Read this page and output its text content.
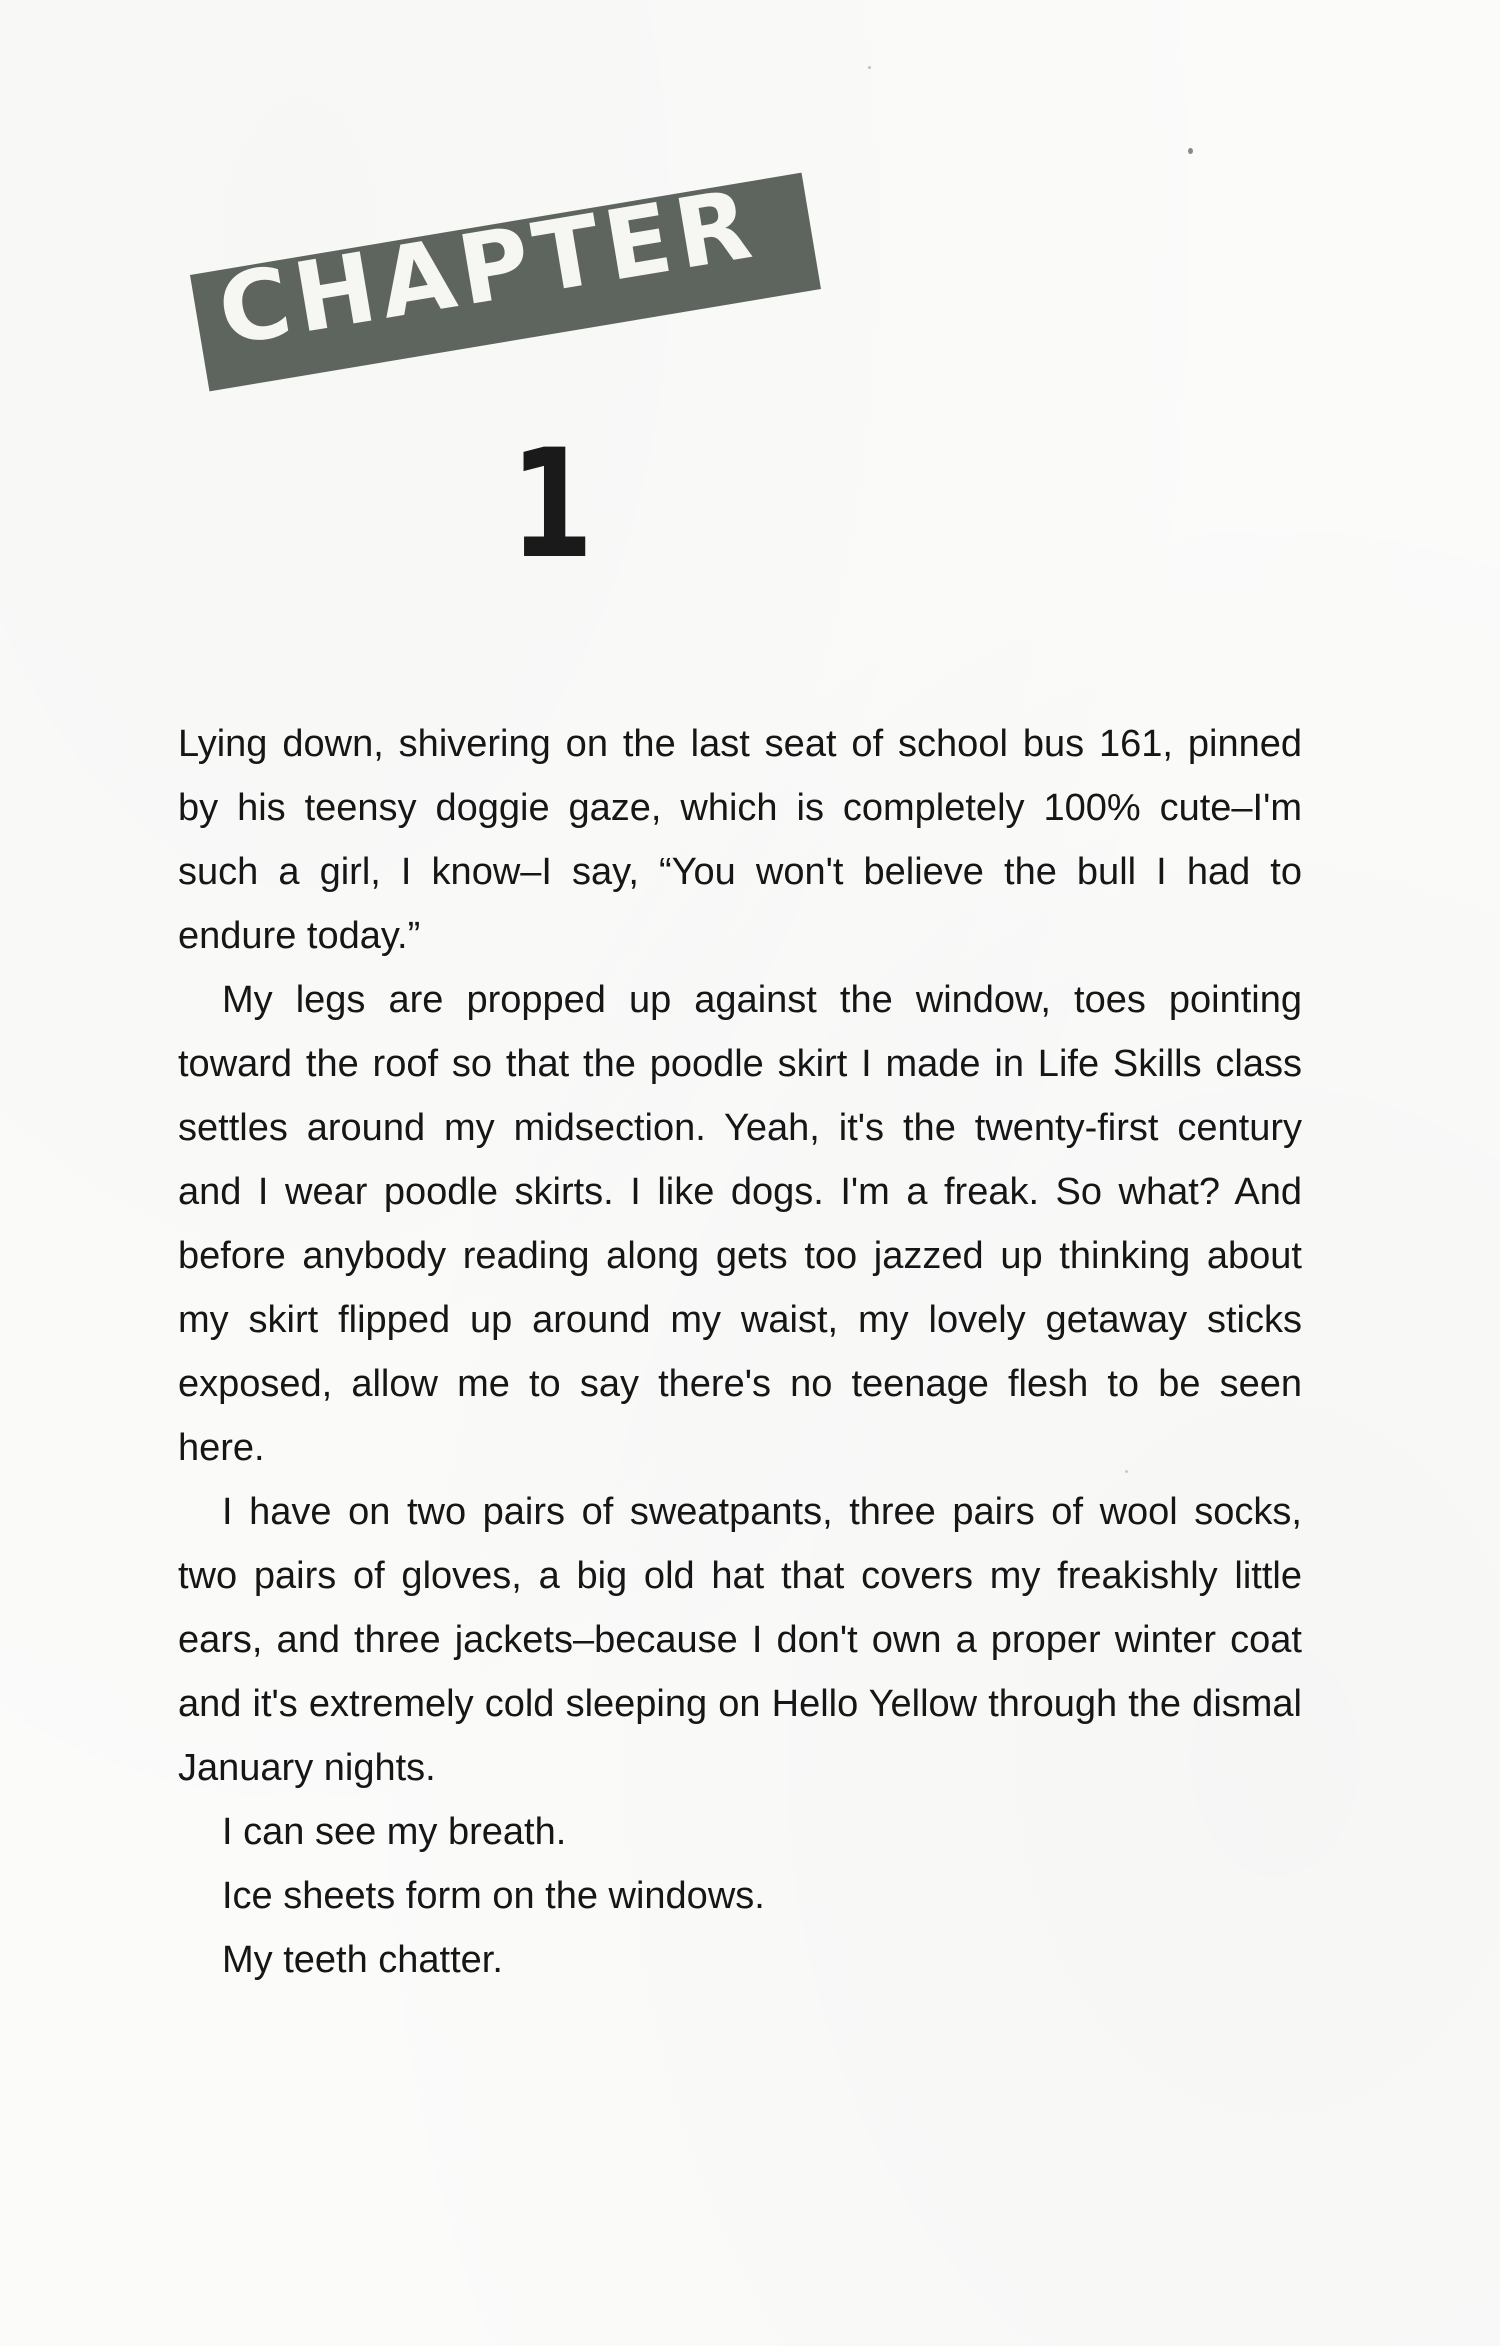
CHAPTER
1

Lying down, shivering on the last seat of school bus 161, pinned by his teensy doggie gaze, which is completely 100% cute–I'm such a girl, I know–I say, “You won't believe the bull I had to endure today.”

My legs are propped up against the window, toes pointing toward the roof so that the poodle skirt I made in Life Skills class settles around my midsection. Yeah, it's the twenty-first century and I wear poodle skirts. I like dogs. I'm a freak. So what? And before anybody reading along gets too jazzed up thinking about my skirt flipped up around my waist, my lovely getaway sticks exposed, allow me to say there's no teenage flesh to be seen here.

I have on two pairs of sweatpants, three pairs of wool socks, two pairs of gloves, a big old hat that covers my freakishly little ears, and three jackets–because I don't own a proper winter coat and it's extremely cold sleeping on Hello Yellow through the dismal January nights.

I can see my breath.

Ice sheets form on the windows.

My teeth chatter.
